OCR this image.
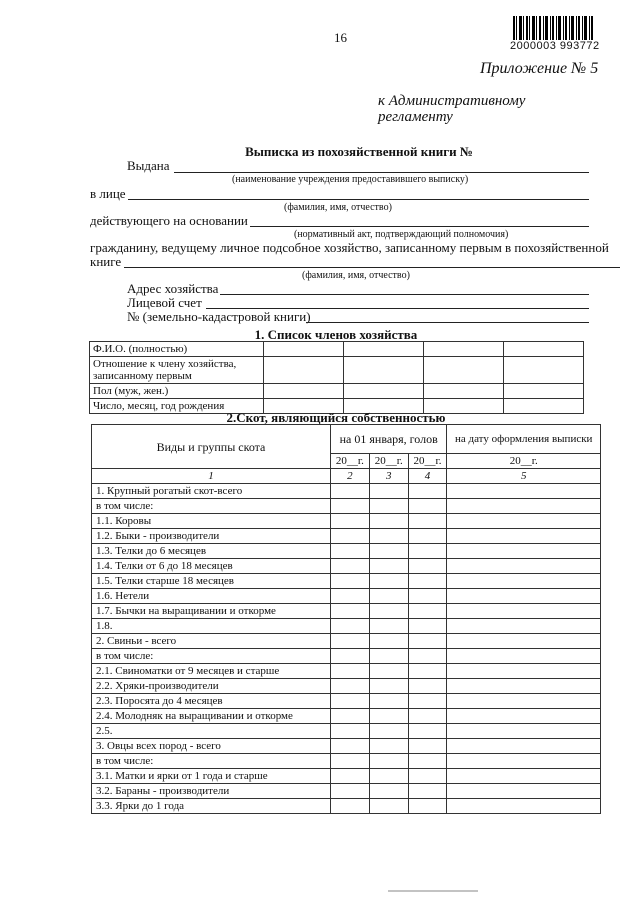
16
2000003 993772
Приложение № 5
к Административному
регламенту
Выписка из похозяйственной книги №
Выдана
(наименование учреждения предоставившего выписку)
в лице
(фамилия, имя, отчество)
действующего на основании
(нормативный акт, подтверждающий полномочия)
гражданину, ведущему личное подсобное хозяйство, записанному первым в похозяйственной
книге
(фамилия, имя, отчество)
Адрес хозяйства
Лицевой счет
№ (земельно-кадастровой книги)
1. Список членов хозяйства
Ф.И.О. (полностью)				
Отношение к члену хозяйства, записанному первым				
Пол (муж, жен.)				
Число, месяц, год рождения				
2.Скот, являющийся собственностью
Виды и группы скота	на 01 января, голов			на дату оформления выписки
	20__г.	20__г.	20__г.	20__г.
1	2	3	4	5
1. Крупный рогатый скот-всего				
в том числе:				
1.1. Коровы				
1.2. Быки - производители				
1.3. Телки до 6 месяцев				
1.4. Телки от 6 до 18 месяцев				
1.5. Телки старше 18 месяцев				
1.6. Нетели				
1.7. Бычки на выращивании и откорме				
1.8.				
2. Свиньи - всего				
в том числе:				
2.1. Свиноматки от 9 месяцев и старше				
2.2. Хряки-производители				
2.3. Поросята до 4 месяцев				
2.4. Молодняк на выращивании и откорме				
2.5.				
3. Овцы всех пород - всего				
в том числе:				
3.1. Матки и ярки от 1 года и старше				
3.2. Бараны - производители				
3.3. Ярки до 1 года				
